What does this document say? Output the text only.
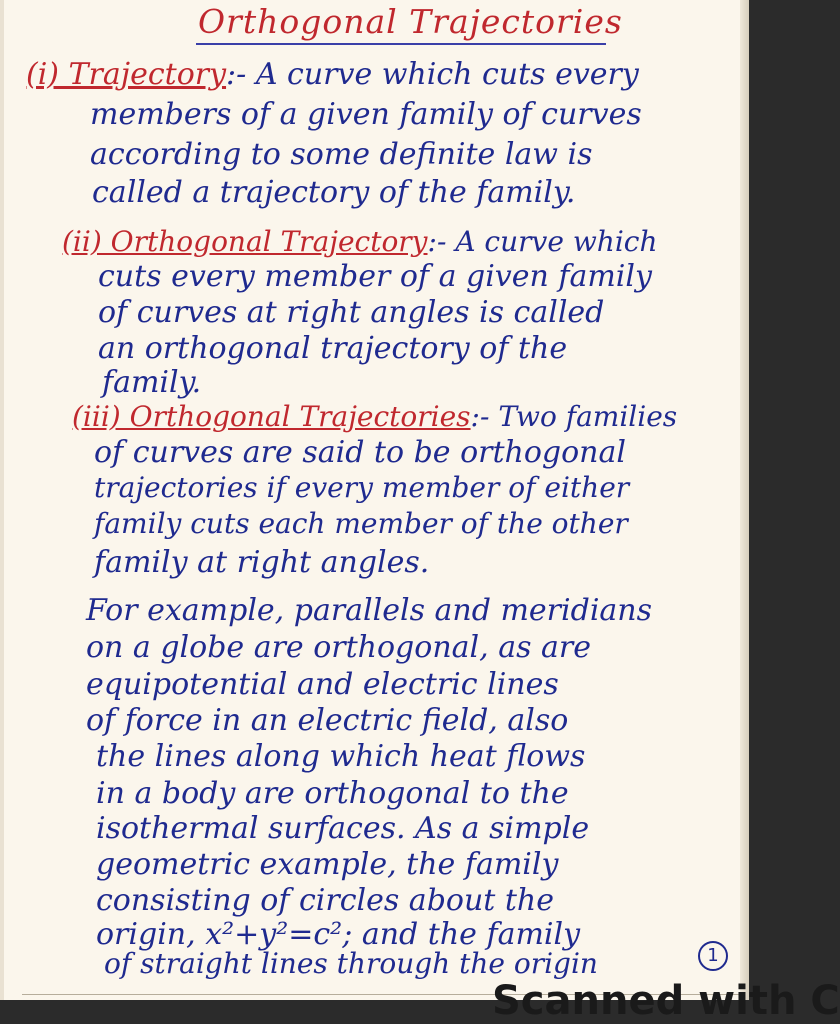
Orthogonal Trajectories
(i) Trajectory:- A curve which cuts every
members of a given family of curves
according to some definite law is
called a trajectory of the family.
(ii) Orthogonal Trajectory:- A curve which
cuts every member of a given family
of curves at right angles is called
an orthogonal trajectory of the
family.
(iii) Orthogonal Trajectories:- Two families
of curves are said to be orthogonal
trajectories if every member of either
family cuts each member of the other
family at right angles.
For example, parallels and meridians
on a globe are orthogonal, as are
equipotential and electric lines
of force in an electric field, also
the lines along which heat flows
in a body are orthogonal to the
isothermal surfaces. As a simple
geometric example, the family
consisting of circles about the
origin, x²+y²=c²; and the family
of straight lines through the origin	1
Scanned with C
